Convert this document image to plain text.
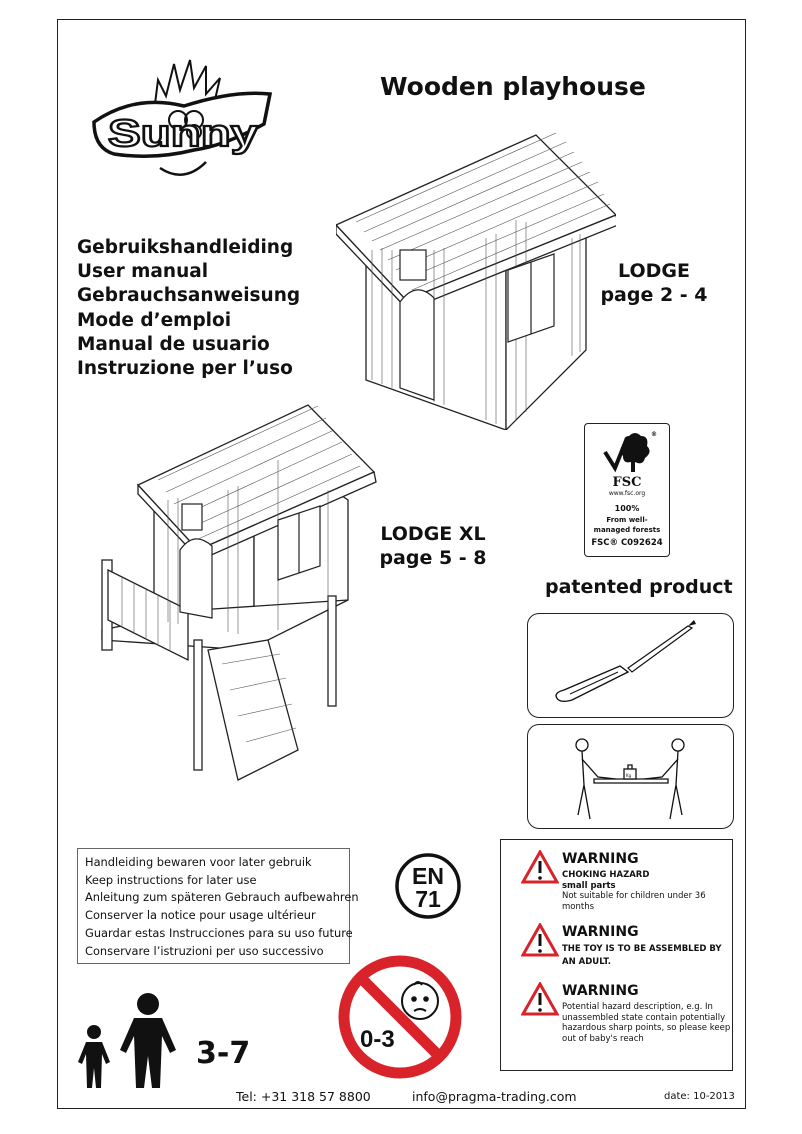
Sunny
Wooden playhouse
Gebruikshandleiding
User manual
Gebrauchsanweisung
Mode d’emploi
Manual de usuario
Instruzione per l’uso
LODGE
page 2 - 4
LODGE XL
page 5 - 8
®
FSC
www.fsc.org
100%
From well-
managed forests
FSC® C092624
patented product
Kg
Handleiding bewaren voor later gebruik
Keep instructions for later use
Anleitung zum späteren Gebrauch aufbewahren
Conserver la notice pour usage ultérieur
Guardar estas Instrucciones para su uso future
Conservare l’istruzioni per uso successivo
EN
71
0-3
WARNING
CHOKING HAZARD
small parts
Not suitable for children under 36 months
WARNING
THE TOY IS TO BE ASSEMBLED BY AN ADULT.
WARNING
Potential hazard description, e.g. In unassembled state contain potentially hazardous sharp points, so please keep out of baby's reach
3-7
Tel: +31 318 57 8800	info@pragma-trading.com	date: 10-2013
